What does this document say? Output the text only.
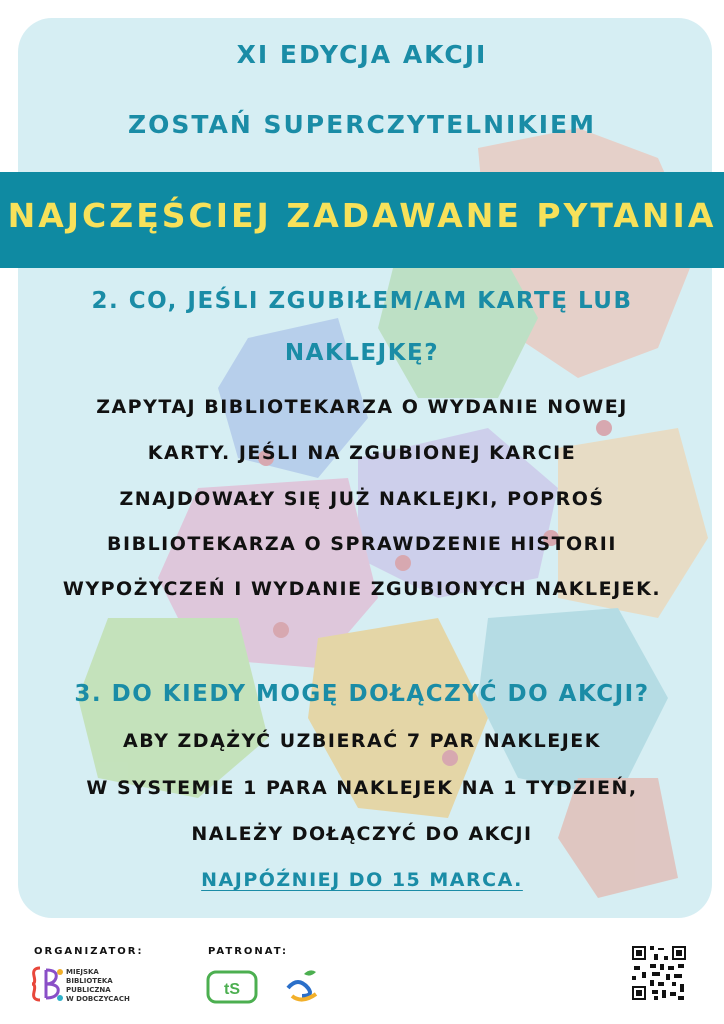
XI EDYCJA AKCJI
ZOSTAŃ SUPERCZYTELNIKIEM
NAJCZĘŚCIEJ ZADAWANE PYTANIA
2. CO, JEŚLI ZGUBIŁEM/AM KARTĘ LUB
NAKLEJKĘ?
ZAPYTAJ BIBLIOTEKARZA O WYDANIE NOWEJ
KARTY. JEŚLI NA ZGUBIONEJ KARCIE
ZNAJDOWAŁY SIĘ JUŻ NAKLEJKI, POPROŚ
BIBLIOTEKARZA O SPRAWDZENIE HISTORII
WYPOŻYCZEŃ I WYDANIE ZGUBIONYCH NAKLEJEK.
3. DO KIEDY MOGĘ DOŁĄCZYĆ DO AKCJI?
ABY ZDĄŻYĆ UZBIERAĆ 7 PAR NAKLEJEK
W SYSTEMIE 1 PARA NAKLEJEK NA 1 TYDZIEŃ,
NALEŻY DOŁĄCZYĆ DO AKCJI
NAJPÓŹNIEJ DO 15 MARCA.
ORGANIZATOR:
MIEJSKA
BIBLIOTEKA
PUBLICZNA
W DOBCZYCACH
PATRONAT:
tS
